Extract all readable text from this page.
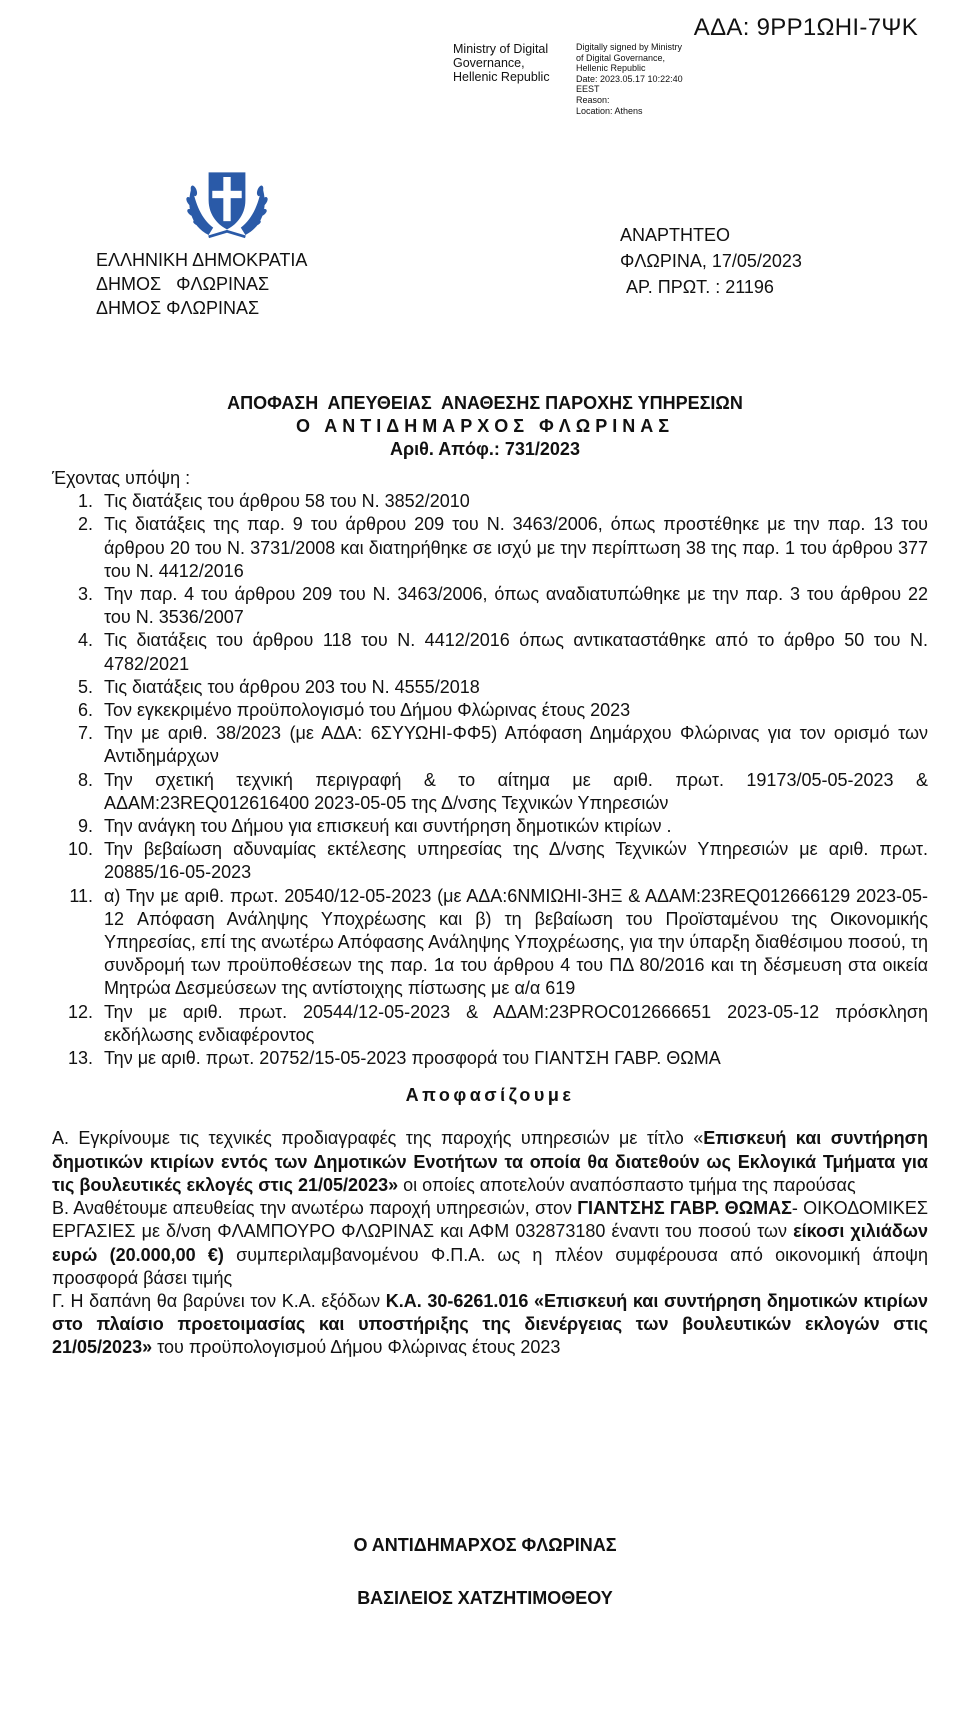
ΑΔΑ: 9ΡΡ1ΩΗΙ-7ΨΚ
Ministry of Digital
Governance,
Hellenic Republic
Digitally signed by Ministry
of Digital Governance,
Hellenic Republic
Date: 2023.05.17 10:22:40
EEST
Reason:
Location: Athens
ΕΛΛΗΝΙΚΗ ΔΗΜΟΚΡΑΤΙΑ
ΔΗΜΟΣ   ΦΛΩΡΙΝΑΣ
ΔΗΜΟΣ ΦΛΩΡΙΝΑΣ
ΑΝΑΡΤΗΤΕΟ
ΦΛΩΡΙΝΑ, 17/05/2023
ΑΡ. ΠΡΩΤ. : 21196
ΑΠΟΦΑΣΗ  ΑΠΕΥΘΕΙΑΣ  ΑΝΑΘΕΣΗΣ ΠΑΡΟΧΗΣ ΥΠΗΡΕΣΙΩΝ
Ο ΑΝΤΙΔΗΜΑΡΧΟΣ ΦΛΩΡΙΝΑΣ
Αριθ. Απόφ.: 731/2023
Έχοντας υπόψη :
1. Τις διατάξεις του άρθρου 58 του Ν. 3852/2010
2. Τις διατάξεις της παρ. 9 του άρθρου 209 του Ν. 3463/2006, όπως προστέθηκε με την παρ. 13 του άρθρου 20 του Ν. 3731/2008 και διατηρήθηκε σε ισχύ με την περίπτωση 38 της παρ. 1 του άρθρου 377 του Ν. 4412/2016
3. Την παρ. 4 του άρθρου 209 του Ν. 3463/2006, όπως αναδιατυπώθηκε με την παρ. 3 του άρθρου 22 του Ν. 3536/2007
4. Τις διατάξεις του άρθρου 118 του Ν. 4412/2016 όπως αντικαταστάθηκε από το άρθρο 50 του Ν. 4782/2021
5. Τις διατάξεις του άρθρου 203 του Ν. 4555/2018
6. Τον εγκεκριμένο προϋπολογισμό του Δήμου Φλώρινας έτους 2023
7. Την με αριθ. 38/2023 (με ΑΔΑ: 6ΣΥΥΩΗΙ-ΦΦ5) Απόφαση Δημάρχου Φλώρινας για τον ορισμό των Αντιδημάρχων
8. Την σχετική τεχνική περιγραφή & το αίτημα με αριθ. πρωτ. 19173/05-05-2023 & ΑΔΑΜ:23REQ012616400 2023-05-05 της Δ/νσης Τεχνικών Υπηρεσιών
9. Την ανάγκη του Δήμου για επισκευή και συντήρηση δημοτικών κτιρίων .
10. Την βεβαίωση αδυναμίας εκτέλεσης υπηρεσίας της Δ/νσης Τεχνικών Υπηρεσιών με αριθ. πρωτ. 20885/16-05-2023
11. α) Την με αριθ. πρωτ. 20540/12-05-2023 (με ΑΔΑ:6ΝΜΙΩΗΙ-3ΗΞ & ΑΔΑΜ:23REQ012666129 2023-05-12 Απόφαση Ανάληψης Υποχρέωσης και β) τη βεβαίωση του Προϊσταμένου της Οικονομικής Υπηρεσίας, επί της ανωτέρω Απόφασης Ανάληψης Υποχρέωσης, για την ύπαρξη διαθέσιμου ποσού, τη συνδρομή των προϋποθέσεων της παρ. 1α του άρθρου 4 του ΠΔ 80/2016 και τη δέσμευση στα οικεία Μητρώα Δεσμεύσεων της αντίστοιχης πίστωσης με α/α 619
12. Την με αριθ. πρωτ. 20544/12-05-2023 & ΑΔΑΜ:23PROC012666651 2023-05-12 πρόσκληση εκδήλωσης ενδιαφέροντος
13. Την με αριθ. πρωτ. 20752/15-05-2023 προσφορά του ΓΙΑΝΤΣΗ ΓΑΒΡ. ΘΩΜΑ
Αποφασίζουμε

Α. Εγκρίνουμε τις τεχνικές προδιαγραφές της παροχής υπηρεσιών με τίτλο «Επισκευή και συντήρηση δημοτικών κτιρίων εντός των Δημοτικών Ενοτήτων τα οποία θα διατεθούν ως Εκλογικά Τμήματα για τις βουλευτικές εκλογές στις 21/05/2023» οι οποίες αποτελούν αναπόσπαστο τμήμα της παρούσας

Β. Αναθέτουμε απευθείας την ανωτέρω παροχή υπηρεσιών, στον ΓΙΑΝΤΣΗΣ ΓΑΒΡ. ΘΩΜΑΣ- ΟΙΚΟΔΟΜΙΚΕΣ ΕΡΓΑΣΙΕΣ με δ/νση ΦΛΑΜΠΟΥΡΟ ΦΛΩΡΙΝΑΣ και ΑΦΜ 032873180 έναντι του ποσού των είκοσι χιλιάδων ευρώ (20.000,00 €) συμπεριλαμβανομένου Φ.Π.Α. ως η πλέον συμφέρουσα από οικονομική άποψη προσφορά βάσει τιμής

Γ. Η δαπάνη θα βαρύνει τον Κ.Α. εξόδων Κ.Α. 30-6261.016 «Επισκευή και συντήρηση δημοτικών κτιρίων στο πλαίσιο προετοιμασίας και υποστήριξης της διενέργειας των βουλευτικών εκλογών στις 21/05/2023» του προϋπολογισμού Δήμου Φλώρινας έτους 2023

Ο ΑΝΤΙΔΗΜΑΡΧΟΣ ΦΛΩΡΙΝΑΣ
ΒΑΣΙΛΕΙΟΣ ΧΑΤΖΗΤΙΜΟΘΕΟΥ
